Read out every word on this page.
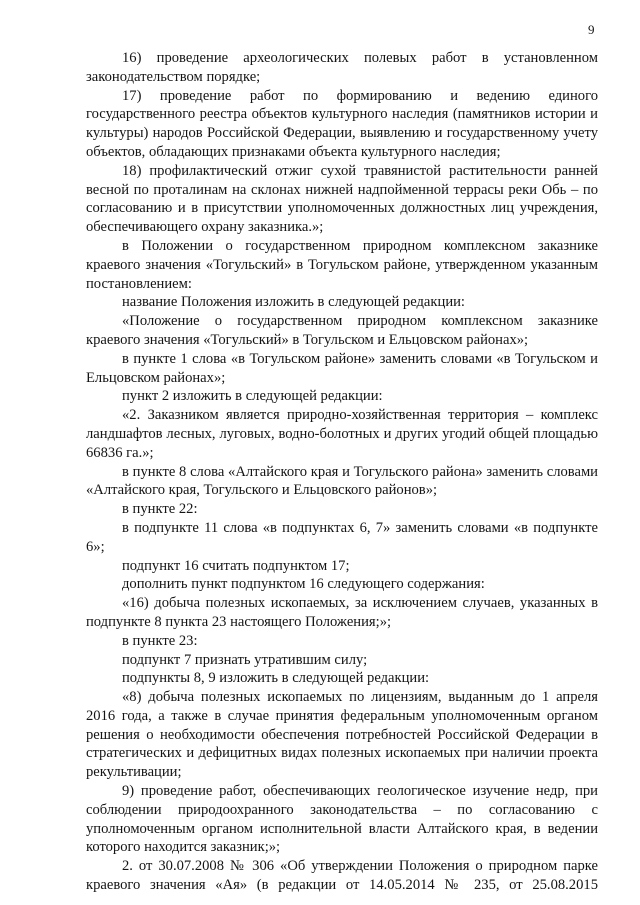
9

16) проведение археологических полевых работ в установленном законодательством порядке;

17) проведение работ по формированию и ведению единого государственного реестра объектов культурного наследия (памятников истории и культуры) народов Российской Федерации, выявлению и государственному учету объектов, обладающих признаками объекта культурного наследия;

18) профилактический отжиг сухой травянистой растительности ранней весной по проталинам на склонах нижней надпойменной террасы реки Обь – по согласованию и в присутствии уполномоченных должностных лиц учреждения, обеспечивающего охрану заказника.»;

в Положении о государственном природном комплексном заказнике краевого значения «Тогульский» в Тогульском районе, утвержденном указанным постановлением:

название Положения изложить в следующей редакции:

«Положение о государственном природном комплексном заказнике краевого значения «Тогульский» в Тогульском и Ельцовском районах»;

в пункте 1 слова «в Тогульском районе» заменить словами «в Тогульском и Ельцовском районах»;

пункт 2 изложить в следующей редакции:

«2. Заказником является природно-хозяйственная территория – комплекс ландшафтов лесных, луговых, водно-болотных и других угодий общей площадью 66836 га.»;

в пункте 8 слова «Алтайского края и Тогульского района» заменить словами «Алтайского края, Тогульского и Ельцовского районов»;

в пункте 22:

в подпункте 11 слова «в подпунктах 6, 7» заменить словами «в подпункте 6»;

подпункт 16 считать подпунктом 17;

дополнить пункт подпунктом 16 следующего содержания:

«16) добыча полезных ископаемых, за исключением случаев, указанных в подпункте 8 пункта 23 настоящего Положения;»;

в пункте 23:

подпункт 7 признать утратившим силу;

подпункты 8, 9 изложить в следующей редакции:

«8) добыча полезных ископаемых по лицензиям, выданным до 1 апреля 2016 года, а также в случае принятия федеральным уполномоченным органом решения о необходимости обеспечения потребностей Российской Федерации в стратегических и дефицитных видах полезных ископаемых при наличии проекта рекультивации;

9) проведение работ, обеспечивающих геологическое изучение недр, при соблюдении природоохранного законодательства – по согласованию с уполномоченным органом исполнительной власти Алтайского края, в ведении которого находится заказник;»;

2. от 30.07.2008 № 306 «Об утверждении Положения о природном парке краевого значения «Ая» (в редакции от 14.05.2014 № 235, от 25.08.2015
